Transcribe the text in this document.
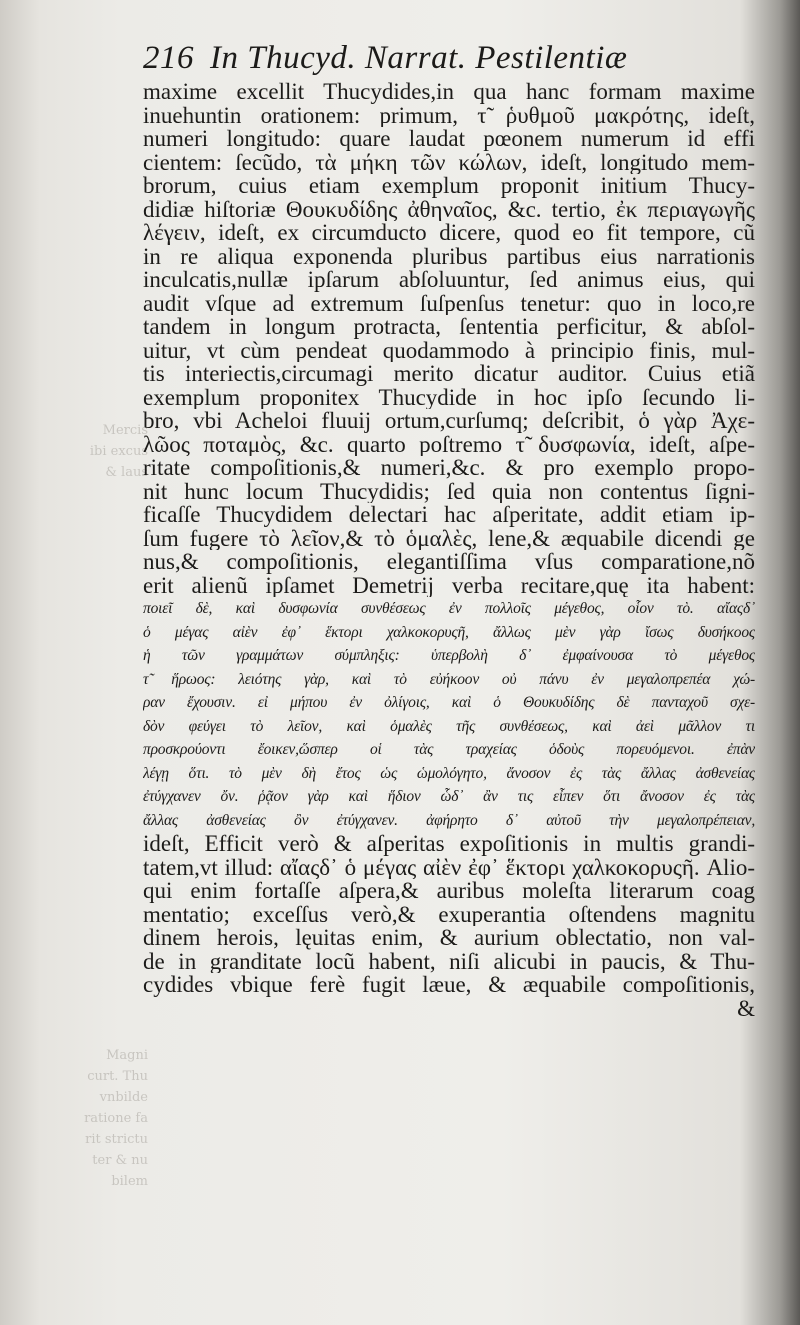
Mercis
ibi excus
& laus
Magni
curt. Thu
vnbilde
ratione fa
rit strictu
ter & nu
bilem
216 In Thucyd. Narrat. Pestilentiæ
maxime excellit Thucydides,in qua hanc formam maxime
inuehuntin orationem: primum, τ̃ ῥυθμοῦ μακρότης, ideſt,
numeri longitudo: quare laudat pœonem numerum id effi
cientem: ſecũdo, τὰ μήκη τῶν κώλων, ideſt, longitudo mem-
brorum, cuius etiam exemplum proponit initium Thucy-
didiæ hiſtoriæ Θουκυδίδης ἀθηναῖος, &c. tertio, ἐκ περιαγωγῆς
λέγειν, ideſt, ex circumducto dicere, quod eo fit tempore, cũ
in re aliqua exponenda pluribus partibus eius narrationis
inculcatis,nullæ ipſarum abſoluuntur, ſed animus eius, qui
audit vſque ad extremum ſuſpenſus tenetur: quo in loco,re
tandem in longum protracta, ſententia perficitur, & abſol-
uitur, vt cùm pendeat quodammodo à principio finis, mul-
tis interiectis,circumagi merito dicatur auditor. Cuius etiã
exemplum proponitex Thucydide in hoc ipſo ſecundo li-
bro, vbi Acheloi fluuij ortum,curſumq; deſcribit, ὁ γὰρ Ἀχε-
λῶος ποταμὸς, &c. quarto poſtremo τ̃ δυσφωνία, ideſt, aſpe-
ritate compoſitionis,& numeri,&c. & pro exemplo propo-
nit hunc locum Thucydidis; ſed quia non contentus ſigni-
ficaſſe Thucydidem delectari hac aſperitate, addit etiam ip-
ſum fugere τὸ λεῖον,& τὸ ὁμαλὲς, lene,& æquabile dicendi ge
nus,& compoſitionis, elegantiſſima vſus comparatione,nõ
erit alienũ ipſamet Demetrij verba recitare,quę ita habent:
ποιεῖ δὲ, καὶ δυσφωνία συνθέσεως ἐν πολλοῖς μέγεθος, οἷον τὸ. αἴαςδ᾽
ὁ μέγας αἰὲν ἐφ᾽ ἕκτορι χαλκοκορυςῆ, ἄλλως μὲν γὰρ ἴσως δυσήκοος
ἡ τῶν γραμμάτων σύμπληξις: ὑπερβολὴ δ᾽ ἐμφαίνουσα τὸ μέγεθος
τ̃ ἥρωος: λειότης γὰρ, καὶ τὸ εὐήκοον οὐ πάνυ ἐν μεγαλοπρεπέα χώ-
ραν ἔχουσιν. εἰ μήπου ἐν ὀλίγοις, καὶ ὁ Θουκυδίδης δὲ πανταχοῦ σχε-
δὸν φεύγει τὸ λεῖον, καὶ ὁμαλὲς τῆς συνθέσεως, καὶ ἀεὶ μᾶλλον τι
προσκρούοντι ἔοικεν,ὥσπερ οἱ τὰς τραχείας ὁδοὺς πορευόμενοι. ἐπὰν
λέγῃ ὅτι. τὸ μὲν δὴ ἔτος ὡς ὡμολόγητο, ἄνοσον ἐς τὰς ἄλλας ἀσθενείας
ἐτύγχανεν ὄν. ῥᾷον γὰρ καὶ ἥδιον ὧδ᾽ ἂν τις εἶπεν ὅτι ἄνοσον ἐς τὰς
ἄλλας ἀσθενείας ὂν ἐτύγχανεν. ἀφήρητο δ᾽ αὐτοῦ τὴν μεγαλοπρέπειαν,
ideſt, Efficit verò & aſperitas expoſitionis in multis grandi-
tatem,vt illud: αἴαςδ᾽ ὁ μέγας αἰὲν ἐφ᾽ ἕκτορι χαλκοκορυςῆ. Alio-
qui enim fortaſſe aſpera,& auribus moleſta literarum coag
mentatio; exceſſus verò,& exuperantia oſtendens magnitu
dinem herois, lęuitas enim, & aurium oblectatio, non val-
de in granditate locũ habent, niſi alicubi in paucis, & Thu-
cydides vbique ferè fugit læue, & æquabile compoſitionis,
&
